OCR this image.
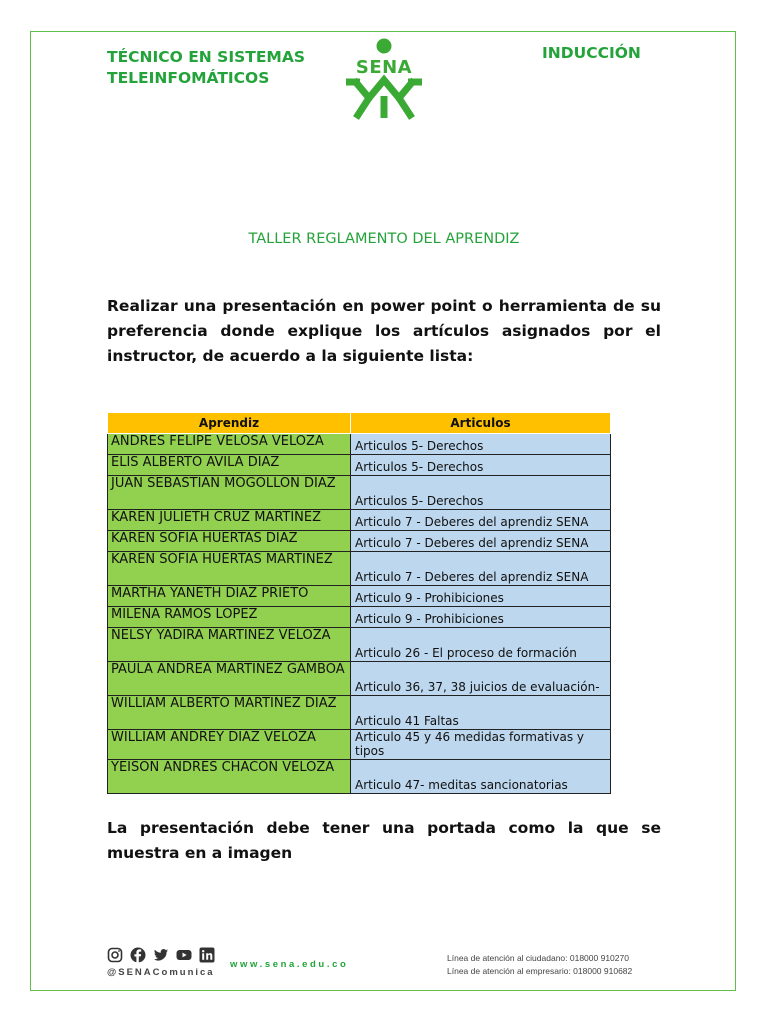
TÉCNICO EN SISTEMAS
TELEINFOMÁTICOS	SENA
INDUCCIÓN
TALLER REGLAMENTO DEL APRENDIZ
Realizar una presentación en power point o herramienta de su preferencia donde explique los artículos asignados por el instructor, de acuerdo a la siguiente lista:
Aprendiz	Articulos
ANDRES FELIPE VELOSA VELOZA	Articulos 5- Derechos
ELIS ALBERTO AVILA DIAZ	Articulos 5- Derechos
JUAN SEBASTIAN MOGOLLON DIAZ	Articulos 5- Derechos
KAREN JULIETH CRUZ MARTINEZ	Articulo 7 - Deberes del aprendiz SENA
KAREN SOFIA HUERTAS DIAZ	Articulo 7 - Deberes del aprendiz SENA
KAREN SOFIA HUERTAS MARTINEZ	Articulo 7 - Deberes del aprendiz SENA
MARTHA YANETH DIAZ PRIETO	Articulo 9 - Prohibiciones
MILENA RAMOS LOPEZ	Articulo 9 - Prohibiciones
NELSY YADIRA MARTINEZ VELOZA	Articulo 26 - El proceso de formación
PAULA ANDREA MARTINEZ GAMBOA	Articulo 36, 37, 38 juicios de evaluación-
WILLIAM ALBERTO MARTINEZ DIAZ	Articulo 41 Faltas
WILLIAM ANDREY DIAZ VELOZA	Articulo 45 y 46 medidas formativas y tipos
YEISON ANDRES CHACON VELOZA	Articulo 47- meditas sancionatorias
La presentación debe tener una portada como la que se muestra en a imagen
@SENAComunica
www.sena.edu.co
Línea de atención al ciudadano: 018000 910270
Línea de atención al empresario: 018000 910682
